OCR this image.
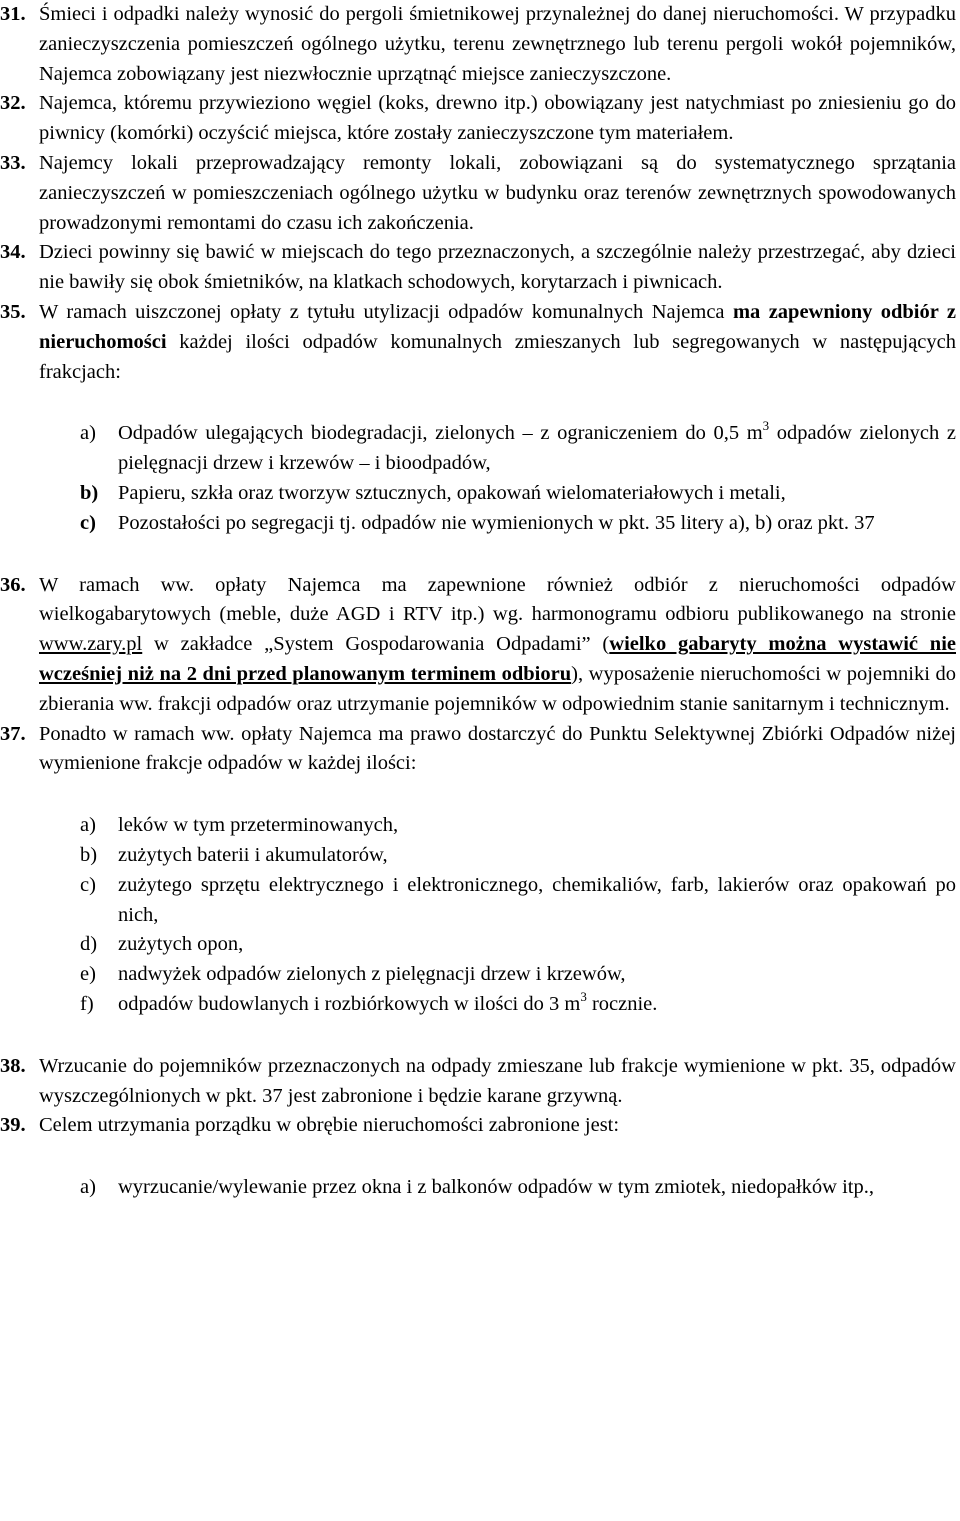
31. Śmieci i odpadki należy wynosić do pergoli śmietnikowej przynależnej do danej nieruchomości. W przypadku zanieczyszczenia pomieszczeń ogólnego użytku, terenu zewnętrznego lub terenu pergoli wokół pojemników, Najemca zobowiązany jest niezwłocznie uprzątnąć miejsce zanieczyszczone.
32. Najemca, któremu przywieziono węgiel (koks, drewno itp.) obowiązany jest natychmiast po zniesieniu go do piwnicy (komórki) oczyścić miejsca, które zostały zanieczyszczone tym materiałem.
33. Najemcy lokali przeprowadzający remonty lokali, zobowiązani są do systematycznego sprzątania zanieczyszczeń w pomieszczeniach ogólnego użytku w budynku oraz terenów zewnętrznych spowodowanych prowadzonymi remontami do czasu ich zakończenia.
34. Dzieci powinny się bawić w miejscach do tego przeznaczonych, a szczególnie należy przestrzegać, aby dzieci nie bawiły się obok śmietników, na klatkach schodowych, korytarzach i piwnicach.
35. W ramach uiszczonej opłaty z tytułu utylizacji odpadów komunalnych Najemca ma zapewniony odbiór z nieruchomości każdej ilości odpadów komunalnych zmieszanych lub segregowanych w następujących frakcjach:
a) Odpadów ulegających biodegradacji, zielonych – z ograniczeniem do 0,5 $m^3$ odpadów zielonych z pielęgnacji drzew i krzewów – i bioodpadów,
b) Papieru, szkła oraz tworzyw sztucznych, opakowań wielomateriałowych i metali,
c) Pozostałości po segregacji tj. odpadów nie wymienionych w pkt. 35 litery a), b) oraz pkt. 37
36. W ramach ww. opłaty Najemca ma zapewnione również odbiór z nieruchomości odpadów wielkogabarytowych (meble, duże AGD i RTV itp.) wg. harmonogramu odbioru publikowanego na stronie www.zary.pl w zakładce „System Gospodarowania Odpadami” (wielko gabaryty można wystawić nie wcześniej niż na 2 dni przed planowanym terminem odbioru), wyposażenie nieruchomości w pojemniki do zbierania ww. frakcji odpadów oraz utrzymanie pojemników w odpowiednim stanie sanitarnym i technicznym.
37. Ponadto w ramach ww. opłaty Najemca ma prawo dostarczyć do Punktu Selektywnej Zbiórki Odpadów niżej wymienione frakcje odpadów w każdej ilości:
a) leków w tym przeterminowanych,
b) zużytych baterii i akumulatorów,
c) zużytego sprzętu elektrycznego i elektronicznego, chemikaliów, farb, lakierów oraz opakowań po nich,
d) zużytych opon,
e) nadwyżek odpadów zielonych z pielęgnacji drzew i krzewów,
f) odpadów budowlanych i rozbiórkowych w ilości do 3 $m^3$ rocznie.
38. Wrzucanie do pojemników przeznaczonych na odpady zmieszane lub frakcje wymienione w pkt. 35, odpadów wyszczególnionych w pkt. 37 jest zabronione i będzie karane grzywną.
39. Celem utrzymania porządku w obrębie nieruchomości zabronione jest:
a) wyrzucanie/wylewanie przez okna i z balkonów odpadów w tym zmiotek, niedopałków itp.,
